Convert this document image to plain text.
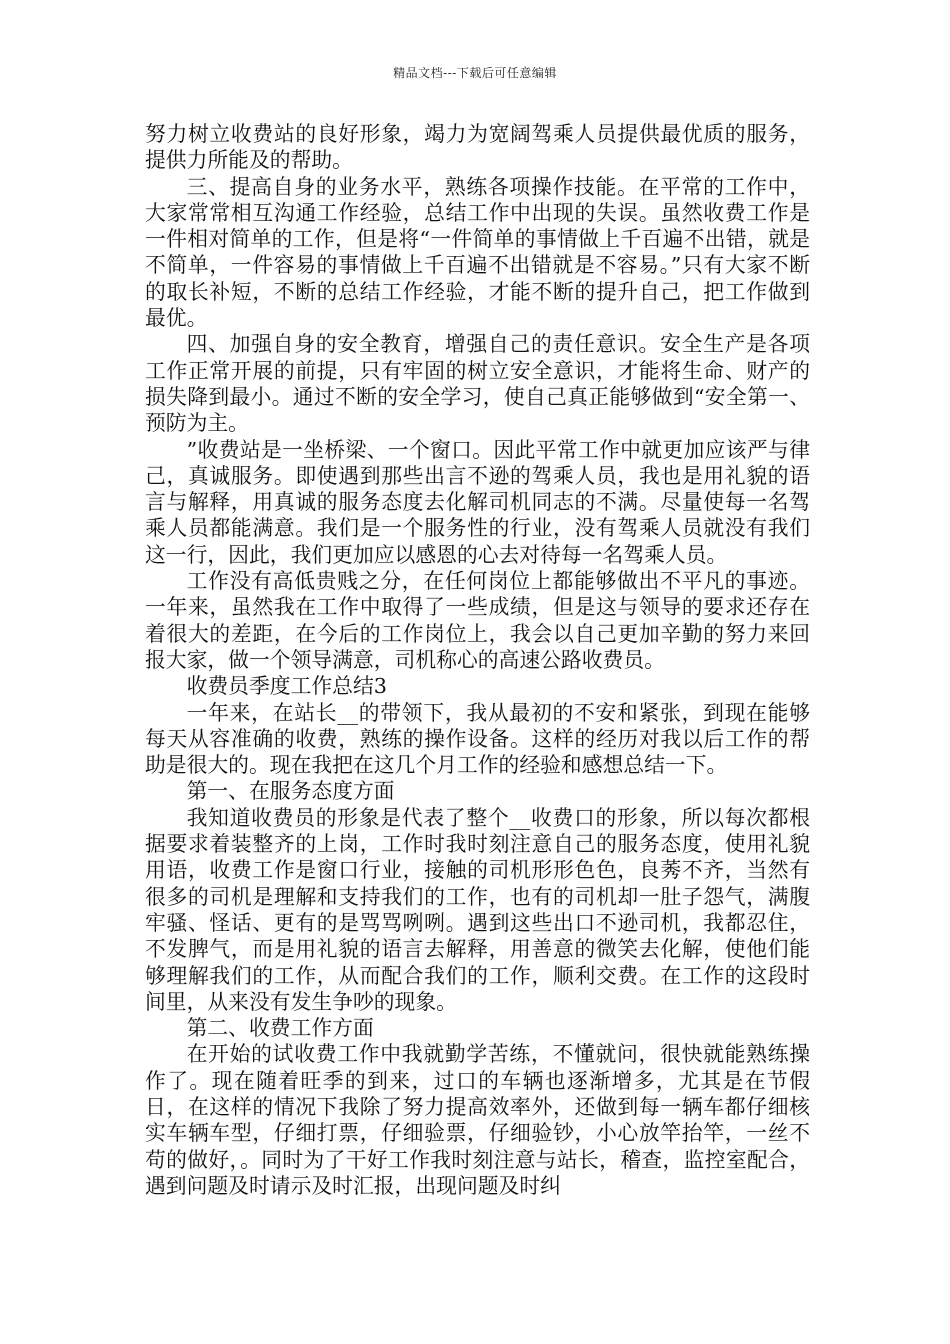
精品文档---下载后可任意编辑

努力树立收费站的良好形象，竭力为宽阔驾乘人员提供最优质的服务，提供力所能及的帮助。

三、提高自身的业务水平，熟练各项操作技能。在平常的工作中，大家常常相互沟通工作经验，总结工作中出现的失误。虽然收费工作是一件相对简单的工作，但是将“一件简单的事情做上千百遍不出错，就是不简单，一件容易的事情做上千百遍不出错就是不容易。”只有大家不断的取长补短，不断的总结工作经验，才能不断的提升自己，把工作做到最优。

四、加强自身的安全教育，增强自己的责任意识。安全生产是各项工作正常开展的前提，只有牢固的树立安全意识，才能将生命、财产的损失降到最小。通过不断的安全学习，使自己真正能够做到“安全第一、预防为主。

”收费站是一坐桥梁、一个窗口。因此平常工作中就更加应该严与律己，真诚服务。即使遇到那些出言不逊的驾乘人员，我也是用礼貌的语言与解释，用真诚的服务态度去化解司机同志的不满。尽量使每一名驾乘人员都能满意。我们是一个服务性的行业，没有驾乘人员就没有我们这一行，因此，我们更加应以感恩的心去对待每一名驾乘人员。

工作没有高低贵贱之分，在任何岗位上都能够做出不平凡的事迹。一年来，虽然我在工作中取得了一些成绩，但是这与领导的要求还存在着很大的差距，在今后的工作岗位上，我会以自己更加辛勤的努力来回报大家，做一个领导满意，司机称心的高速公路收费员。

收费员季度工作总结3

一年来，在站长__的带领下，我从最初的不安和紧张，到现在能够每天从容准确的收费，熟练的操作设备。这样的经历对我以后工作的帮助是很大的。现在我把在这几个月工作的经验和感想总结一下。

第一、在服务态度方面

我知道收费员的形象是代表了整个__收费口的形象，所以每次都根据要求着装整齐的上岗，工作时我时刻注意自己的服务态度，使用礼貌用语，收费工作是窗口行业，接触的司机形形色色，良莠不齐，当然有很多的司机是理解和支持我们的工作，也有的司机却一肚子怨气，满腹牢骚、怪话、更有的是骂骂咧咧。遇到这些出口不逊司机，我都忍住，不发脾气，而是用礼貌的语言去解释，用善意的微笑去化解，使他们能够理解我们的工作，从而配合我们的工作，顺利交费。在工作的这段时间里，从来没有发生争吵的现象。

第二、收费工作方面

在开始的试收费工作中我就勤学苦练，不懂就问，很快就能熟练操作了。现在随着旺季的到来，过口的车辆也逐渐增多，尤其是在节假日，在这样的情况下我除了努力提高效率外，还做到每一辆车都仔细核实车辆车型，仔细打票，仔细验票，仔细验钞，小心放竿抬竿，一丝不苟的做好，。同时为了干好工作我时刻注意与站长，稽查，监控室配合，遇到问题及时请示及时汇报，出现问题及时纠
